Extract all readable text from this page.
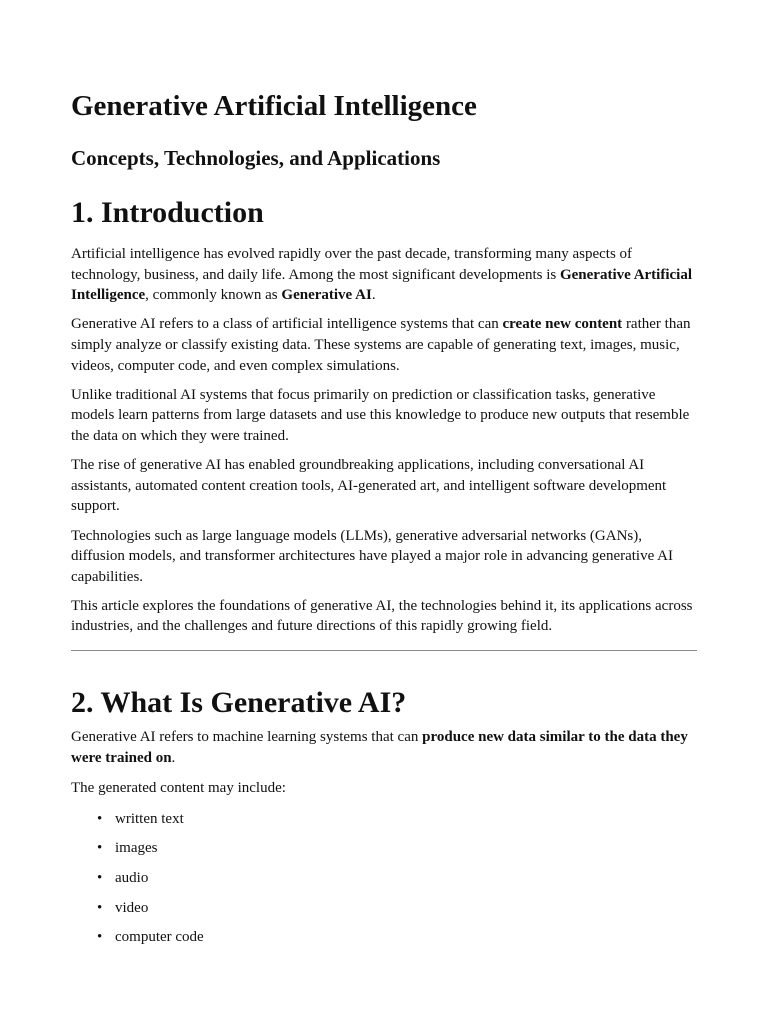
Generative Artificial Intelligence
Concepts, Technologies, and Applications
1. Introduction

Artificial intelligence has evolved rapidly over the past decade, transforming many aspects of technology, business, and daily life. Among the most significant developments is Generative Artificial Intelligence, commonly known as Generative AI.

Generative AI refers to a class of artificial intelligence systems that can create new content rather than simply analyze or classify existing data. These systems are capable of generating text, images, music, videos, computer code, and even complex simulations.

Unlike traditional AI systems that focus primarily on prediction or classification tasks, generative models learn patterns from large datasets and use this knowledge to produce new outputs that resemble the data on which they were trained.

The rise of generative AI has enabled groundbreaking applications, including conversational AI assistants, automated content creation tools, AI-generated art, and intelligent software development support.

Technologies such as large language models (LLMs), generative adversarial networks (GANs), diffusion models, and transformer architectures have played a major role in advancing generative AI capabilities.

This article explores the foundations of generative AI, the technologies behind it, its applications across industries, and the challenges and future directions of this rapidly growing field.

2. What Is Generative AI?

Generative AI refers to machine learning systems that can produce new data similar to the data they were trained on.

The generated content may include:

• written text
• images
• audio
• video
• computer code
